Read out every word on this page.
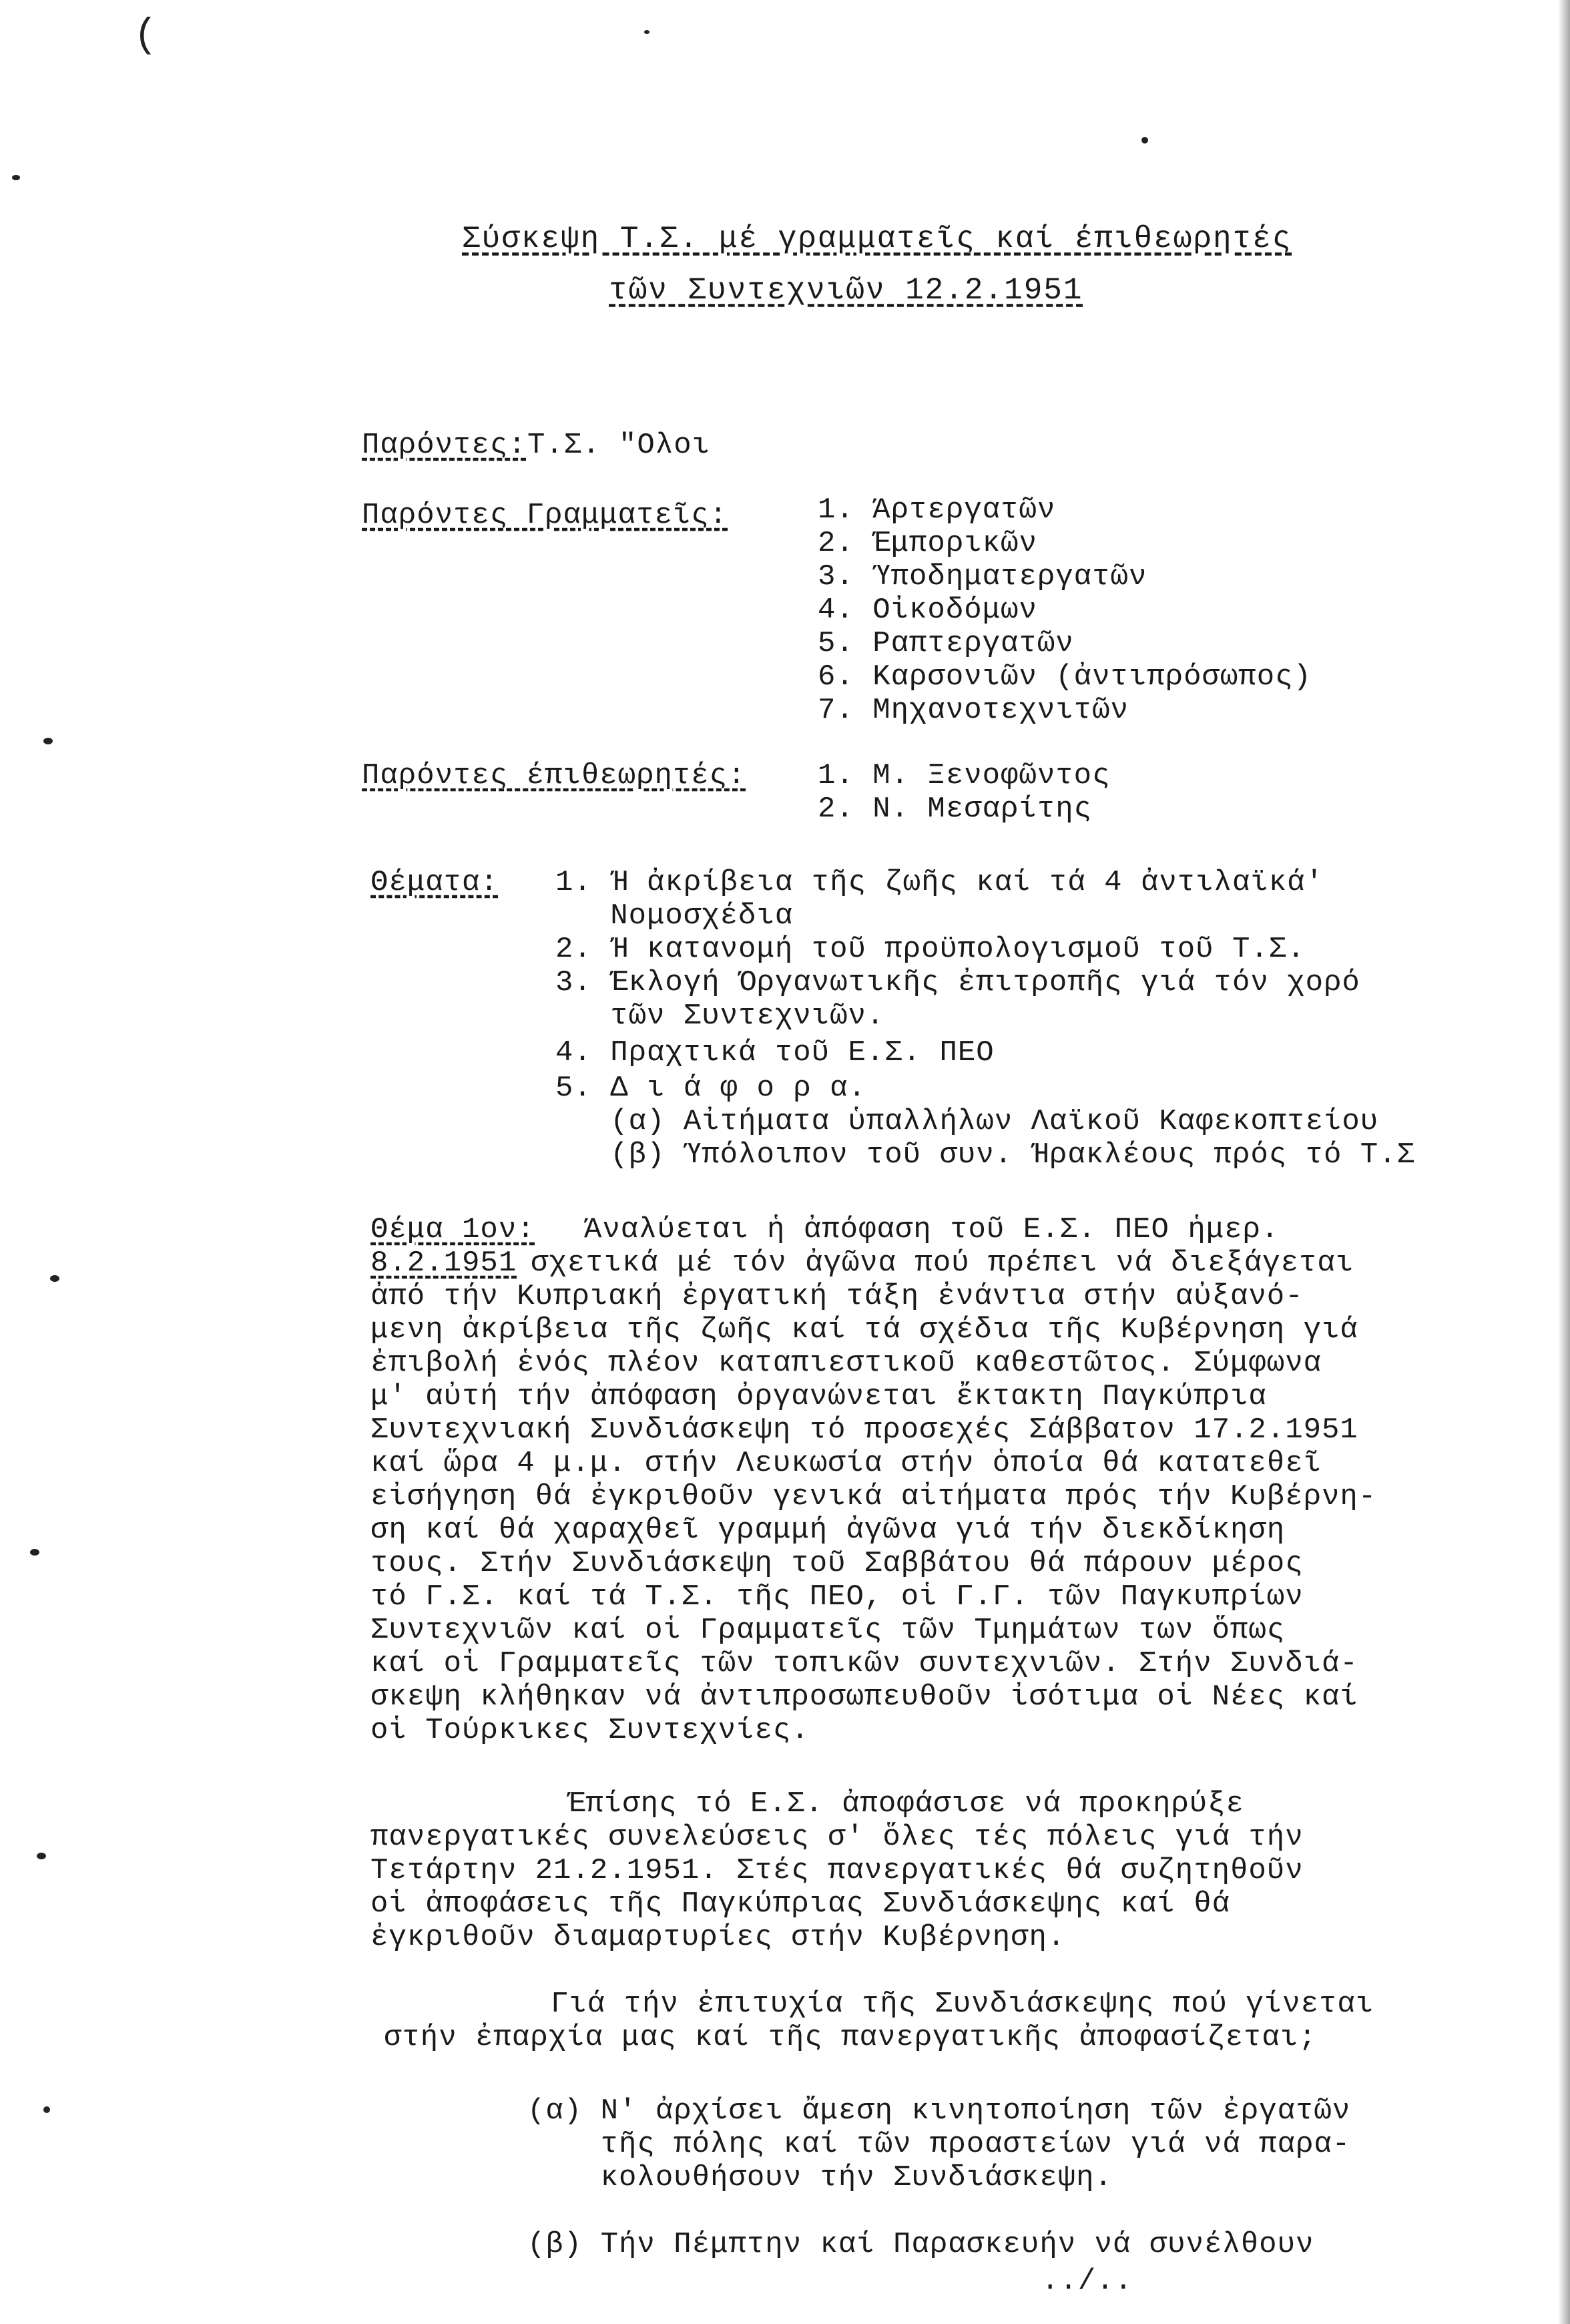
(
Σύσκεψη Τ.Σ. μέ γραμματεῖς καί έπιθεωρητές
τῶν Συντεχνιῶν 12.2.1951
Παρόντες: Τ.Σ. "Ολοι
Παρόντες Γραμματεῖς:	1. Άρτεργατῶν
2. Έμπορικῶν
3. Ύποδηματεργατῶν
4. Οἰκοδόμων
5. Ραπτεργατῶν
6. Καρσονιῶν (ἀντιπρόσωπος)
7. Μηχανοτεχνιτῶν
Παρόντες έπιθεωρητές: 1. Μ. Ξενοφῶντος
2. Ν. Μεσαρίτης
Θέματα: 1. Ή ἀκρίβεια τῆς ζωῆς καί τά 4 ἀντιλαϊκά'
Νομοσχέδια
2. Ή κατανομή τοῦ προϋπολογισμοῦ τοῦ Τ.Σ.
3. Έκλογή Όργανωτικῆς ἐπιτροπῆς γιά τόν χορό
τῶν Συντεχνιῶν.
4. Πραχτικά τοῦ Ε.Σ. ΠΕΟ
5. Δ ι ά φ ο ρ α.
(α) Αἰτήματα ὑπαλλήλων Λαϊκοῦ Καφεκοπτείου
(β) Ύπόλοιπον τοῦ συν. Ήρακλέους πρός τό Τ.Σ
Θέμα 1ον: Άναλύεται ἡ ἀπόφαση τοῦ Ε.Σ. ΠΕΟ ἡμερ.
8.2.1951 σχετικά μέ τόν ἀγῶνα πού πρέπει νά διεξάγεται
ἀπό τήν Κυπριακή ἐργατική τάξη ἐνάντια στήν αὐξανό-
μενη ἀκρίβεια τῆς ζωῆς καί τά σχέδια τῆς Κυβέρνηση γιά
ἐπιβολή ἑνός πλέον καταπιεστικοῦ καθεστῶτος. Σύμφωνα
μ' αὐτή τήν ἀπόφαση ὀργανώνεται ἔκτακτη Παγκύπρια
Συντεχνιακή Συνδιάσκεψη τό προσεχές Σάββατον 17.2.1951
καί ὥρα 4 μ.μ. στήν Λευκωσία στήν ὁποία θά κατατεθεῖ
εἰσήγηση θά ἐγκριθοῦν γενικά αἰτήματα πρός τήν Κυβέρνη-
ση καί θά χαραχθεῖ γραμμή ἀγῶνα γιά τήν διεκδίκηση
τους. Στήν Συνδιάσκεψη τοῦ Σαββάτου θά πάρουν μέρος
τό Γ.Σ. καί τά Τ.Σ. τῆς ΠΕΟ, οἱ Γ.Γ. τῶν Παγκυπρίων
Συντεχνιῶν καί οἱ Γραμματεῖς τῶν Τμημάτων των ὅπως
καί οἱ Γραμματεῖς τῶν τοπικῶν συντεχνιῶν. Στήν Συνδιά-
σκεψη κλήθηκαν νά ἀντιπροσωπευθοῦν ἰσότιμα οἱ Νέες καί
οἱ Τούρκικες Συντεχνίες.
Έπίσης τό Ε.Σ. ἀποφάσισε νά προκηρύξε
πανεργατικές συνελεύσεις σ' ὅλες τές πόλεις γιά τήν
Τετάρτην 21.2.1951. Στές πανεργατικές θά συζητηθοῦν
οἱ ἀποφάσεις τῆς Παγκύπριας Συνδιάσκεψης καί θά
ἐγκριθοῦν διαμαρτυρίες στήν Κυβέρνηση.
Γιά τήν ἐπιτυχία τῆς Συνδιάσκεψης πού γίνεται
στήν ἐπαρχία μας καί τῆς πανεργατικῆς ἀποφασίζεται;
(α) Ν' ἀρχίσει ἄμεση κινητοποίηση τῶν ἐργατῶν
τῆς πόλης καί τῶν προαστείων γιά νά παρα-
κολουθήσουν τήν Συνδιάσκεψη.
(β) Τήν Πέμπτην καί Παρασκευήν νά συνέλθουν
../..
